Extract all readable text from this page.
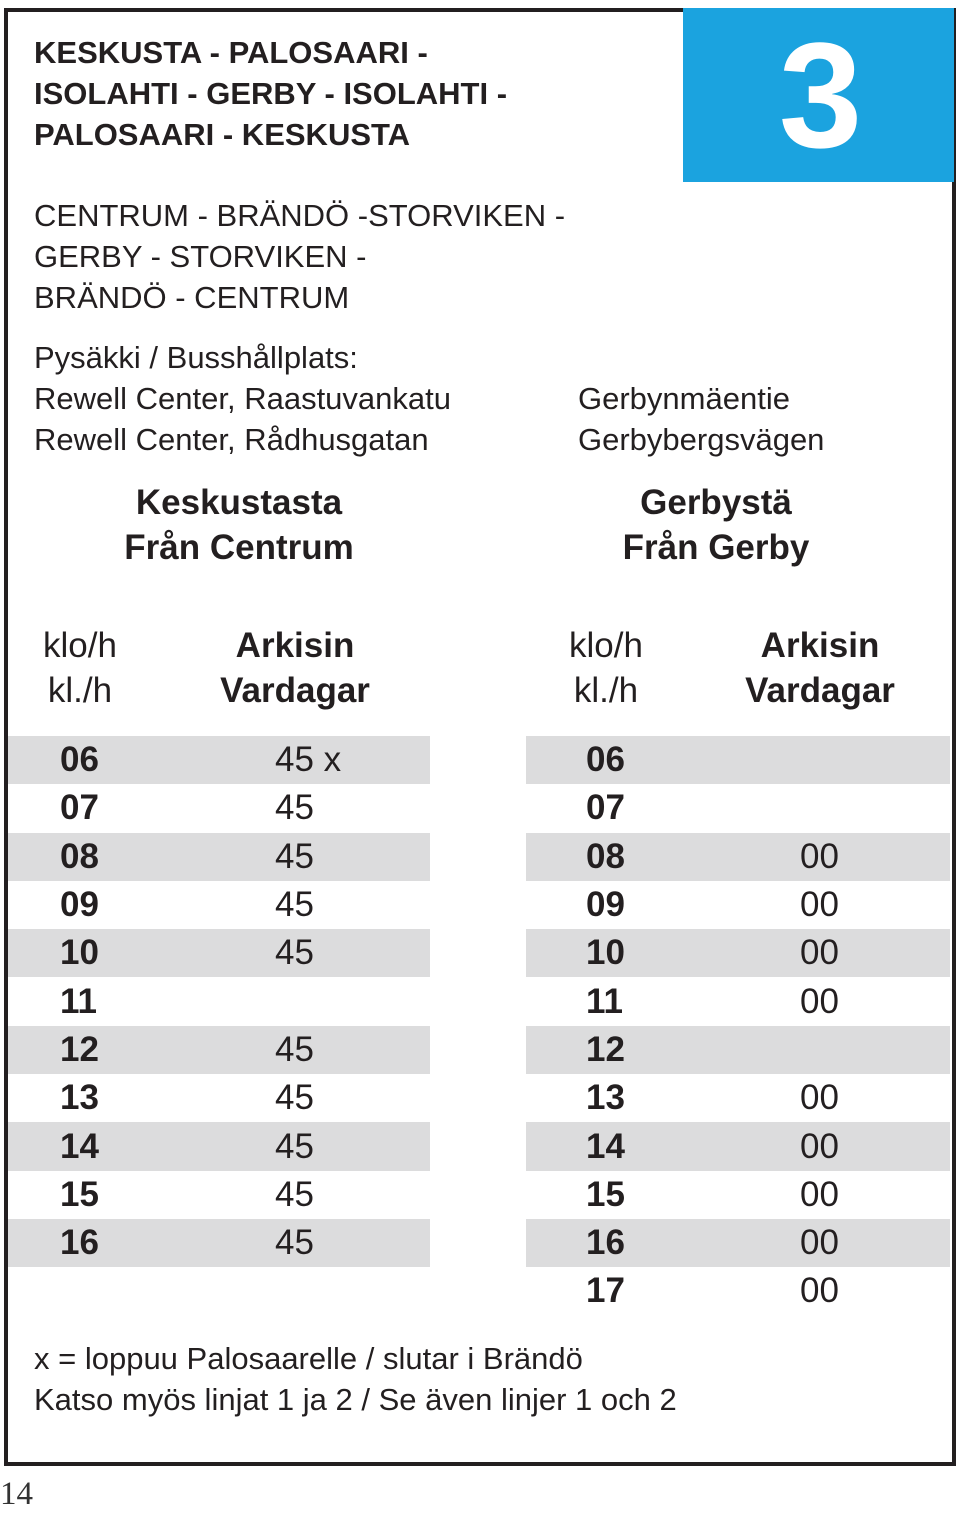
3
KESKUSTA - PALOSAARI -
ISOLAHTI - GERBY - ISOLAHTI -
PALOSAARI - KESKUSTA
CENTRUM - BRÄNDÖ -STORVIKEN -
GERBY - STORVIKEN -
BRÄNDÖ - CENTRUM
Pysäkki / Busshållplats:
Rewell Center, Raastuvankatu
Rewell Center, Rådhusgatan
Gerbynmäentie
Gerbybergsvägen
Keskustasta
Från Centrum
Gerbystä
Från Gerby
klo/h
kl./h
Arkisin
Vardagar
klo/h
kl./h
Arkisin
Vardagar
06	45 x
07	45
08	45
09	45
10	45
11
12	45
13	45
14	45
15	45
16	45
06
07
08	00
09	00
10	00
11	00
12
13	00
14	00
15	00
16	00
17	00
x = loppuu Palosaarelle / slutar i Brändö
Katso myös linjat 1 ja 2 / Se även linjer 1 och 2
14
